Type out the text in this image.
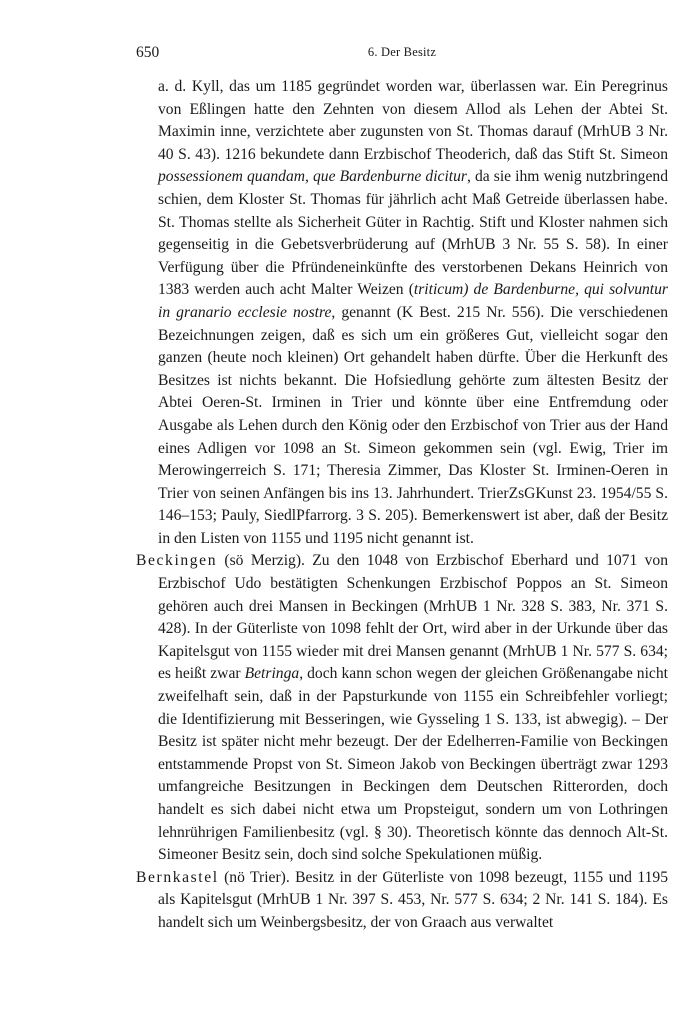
650	6. Der Besitz

a. d. Kyll, das um 1185 gegründet worden war, überlassen war. Ein Peregrinus von Eßlingen hatte den Zehnten von diesem Allod als Lehen der Abtei St. Maximin inne, verzichtete aber zugunsten von St. Thomas darauf (MrhUB 3 Nr. 40 S. 43). 1216 bekundete dann Erzbischof Theoderich, daß das Stift St. Simeon possessionem quandam, que Bardenburne dicitur, da sie ihm wenig nutzbringend schien, dem Kloster St. Thomas für jährlich acht Maß Getreide überlassen habe. St. Thomas stellte als Sicherheit Güter in Rachtig. Stift und Kloster nahmen sich gegenseitig in die Gebetsverbrüderung auf (MrhUB 3 Nr. 55 S. 58). In einer Verfügung über die Pfründeneinkünfte des verstorbenen Dekans Heinrich von 1383 werden auch acht Malter Weizen (triticum) de Bardenburne, qui solvuntur in granario ecclesie nostre, genannt (K Best. 215 Nr. 556). Die verschiedenen Bezeichnungen zeigen, daß es sich um ein größeres Gut, vielleicht sogar den ganzen (heute noch kleinen) Ort gehandelt haben dürfte. Über die Herkunft des Besitzes ist nichts bekannt. Die Hofsiedlung gehörte zum ältesten Besitz der Abtei Oeren-St. Irminen in Trier und könnte über eine Entfremdung oder Ausgabe als Lehen durch den König oder den Erzbischof von Trier aus der Hand eines Adligen vor 1098 an St. Simeon gekommen sein (vgl. Ewig, Trier im Merowingerreich S. 171; Theresia Zimmer, Das Kloster St. Irminen-Oeren in Trier von seinen Anfängen bis ins 13. Jahrhundert. TrierZsGKunst 23. 1954/55 S. 146–153; Pauly, SiedlPfarrorg. 3 S. 205). Bemerkenswert ist aber, daß der Besitz in den Listen von 1155 und 1195 nicht genannt ist.

Beckingen (sö Merzig). Zu den 1048 von Erzbischof Eberhard und 1071 von Erzbischof Udo bestätigten Schenkungen Erzbischof Poppos an St. Simeon gehören auch drei Mansen in Beckingen (MrhUB 1 Nr. 328 S. 383, Nr. 371 S. 428). In der Güterliste von 1098 fehlt der Ort, wird aber in der Urkunde über das Kapitelsgut von 1155 wieder mit drei Mansen genannt (MrhUB 1 Nr. 577 S. 634; es heißt zwar Betringa, doch kann schon wegen der gleichen Größenangabe nicht zweifelhaft sein, daß in der Papsturkunde von 1155 ein Schreibfehler vorliegt; die Identifizierung mit Besseringen, wie Gysseling 1 S. 133, ist abwegig). – Der Besitz ist später nicht mehr bezeugt. Der der Edelherren-Familie von Beckingen entstammende Propst von St. Simeon Jakob von Beckingen überträgt zwar 1293 umfangreiche Besitzungen in Beckingen dem Deutschen Ritterorden, doch handelt es sich dabei nicht etwa um Propsteigut, sondern um von Lothringen lehnrührigen Familienbesitz (vgl. § 30). Theoretisch könnte das dennoch Alt-St. Simeoner Besitz sein, doch sind solche Spekulationen müßig.

Bernkastel (nö Trier). Besitz in der Güterliste von 1098 bezeugt, 1155 und 1195 als Kapitelsgut (MrhUB 1 Nr. 397 S. 453, Nr. 577 S. 634; 2 Nr. 141 S. 184). Es handelt sich um Weinbergsbesitz, der von Graach aus verwaltet
